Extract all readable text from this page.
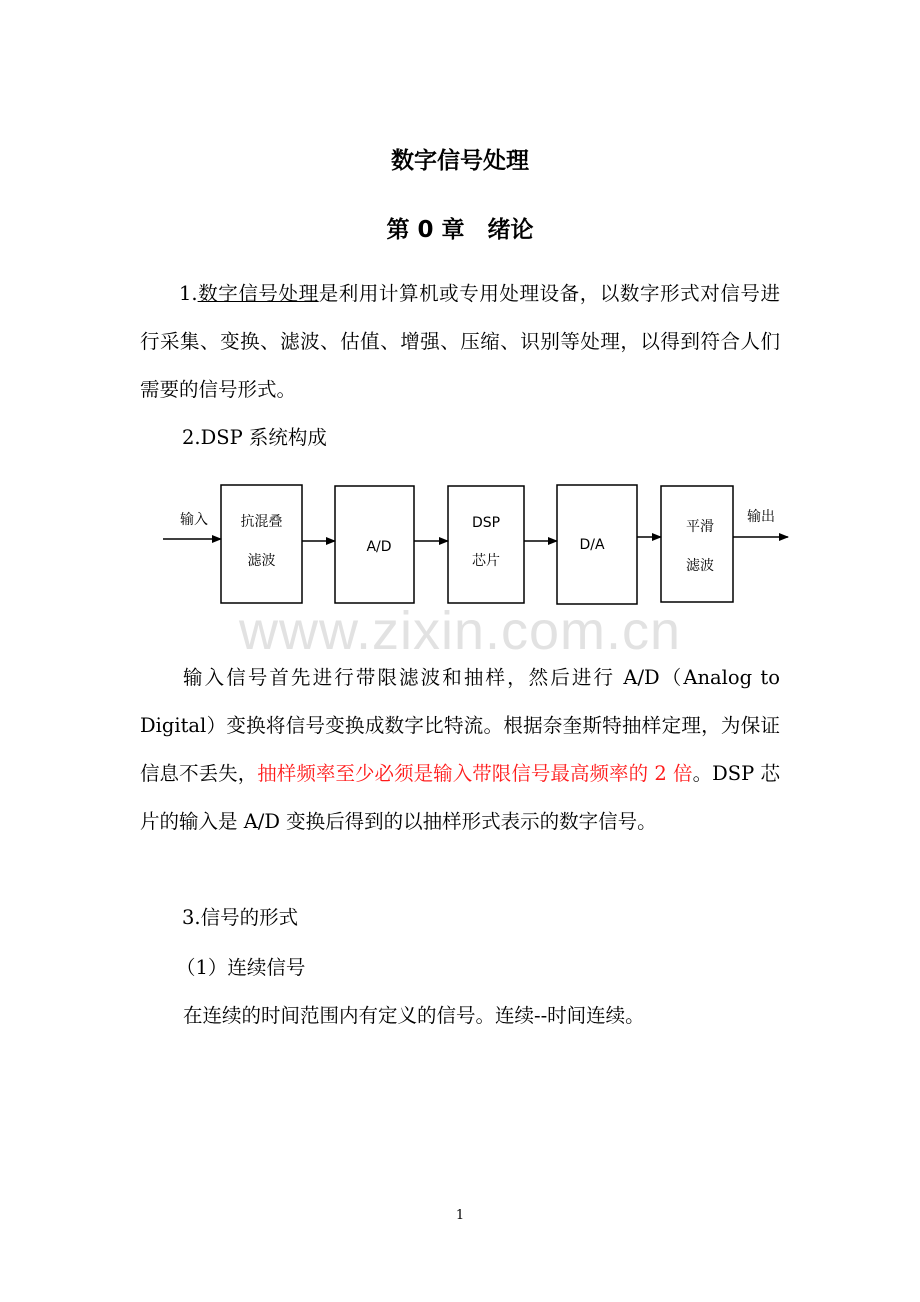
www.zixin.com.cn
数字信号处理
第 0 章　绪论
1.数字信号处理是利用计算机或专用处理设备，以数字形式对信号进行采集、变换、滤波、估值、增强、压缩、识别等处理，以得到符合人们需要的信号形式。
2.DSP 系统构成
输入	输出
抗混叠
滤波
A/D
DSP
芯片
D/A
平滑
滤波
输入信号首先进行带限滤波和抽样，然后进行 A/D（Analog to Digital）变换将信号变换成数字比特流。根据奈奎斯特抽样定理，为保证信息不丢失，抽样频率至少必须是输入带限信号最高频率的 2 倍。DSP 芯片的输入是 A/D 变换后得到的以抽样形式表示的数字信号。
3.信号的形式
（1）连续信号
在连续的时间范围内有定义的信号。连续--时间连续。
1
